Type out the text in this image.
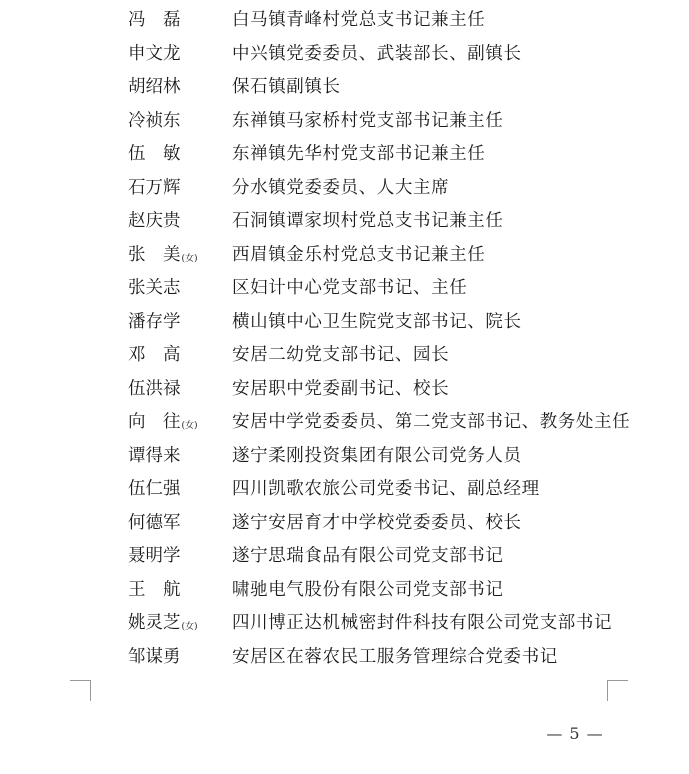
冯 磊	白马镇青峰村党总支书记兼主任
申文龙	中兴镇党委委员、武装部长、副镇长
胡绍林	保石镇副镇长
冷祯东	东禅镇马家桥村党支部书记兼主任
伍 敏	东禅镇先华村党支部书记兼主任
石万辉	分水镇党委委员、人大主席
赵庆贵	石洞镇谭家坝村党总支书记兼主任
张 美(女) 西眉镇金乐村党总支书记兼主任
张关志	区妇计中心党支部书记、主任
潘存学	横山镇中心卫生院党支部书记、院长
邓 高	安居二幼党支部书记、园长
伍洪禄	安居职中党委副书记、校长
向 往(女) 安居中学党委委员、第二党支部书记、教务处主任
谭得来	遂宁柔刚投资集团有限公司党务人员
伍仁强	四川凯歌农旅公司党委书记、副总经理
何德军	遂宁安居育才中学校党委委员、校长
聂明学	遂宁思瑞食品有限公司党支部书记
王 航	啸驰电气股份有限公司党支部书记
姚灵芝(女) 四川博正达机械密封件科技有限公司党支部书记
邹谋勇	安居区在蓉农民工服务管理综合党委书记
— 5 —
